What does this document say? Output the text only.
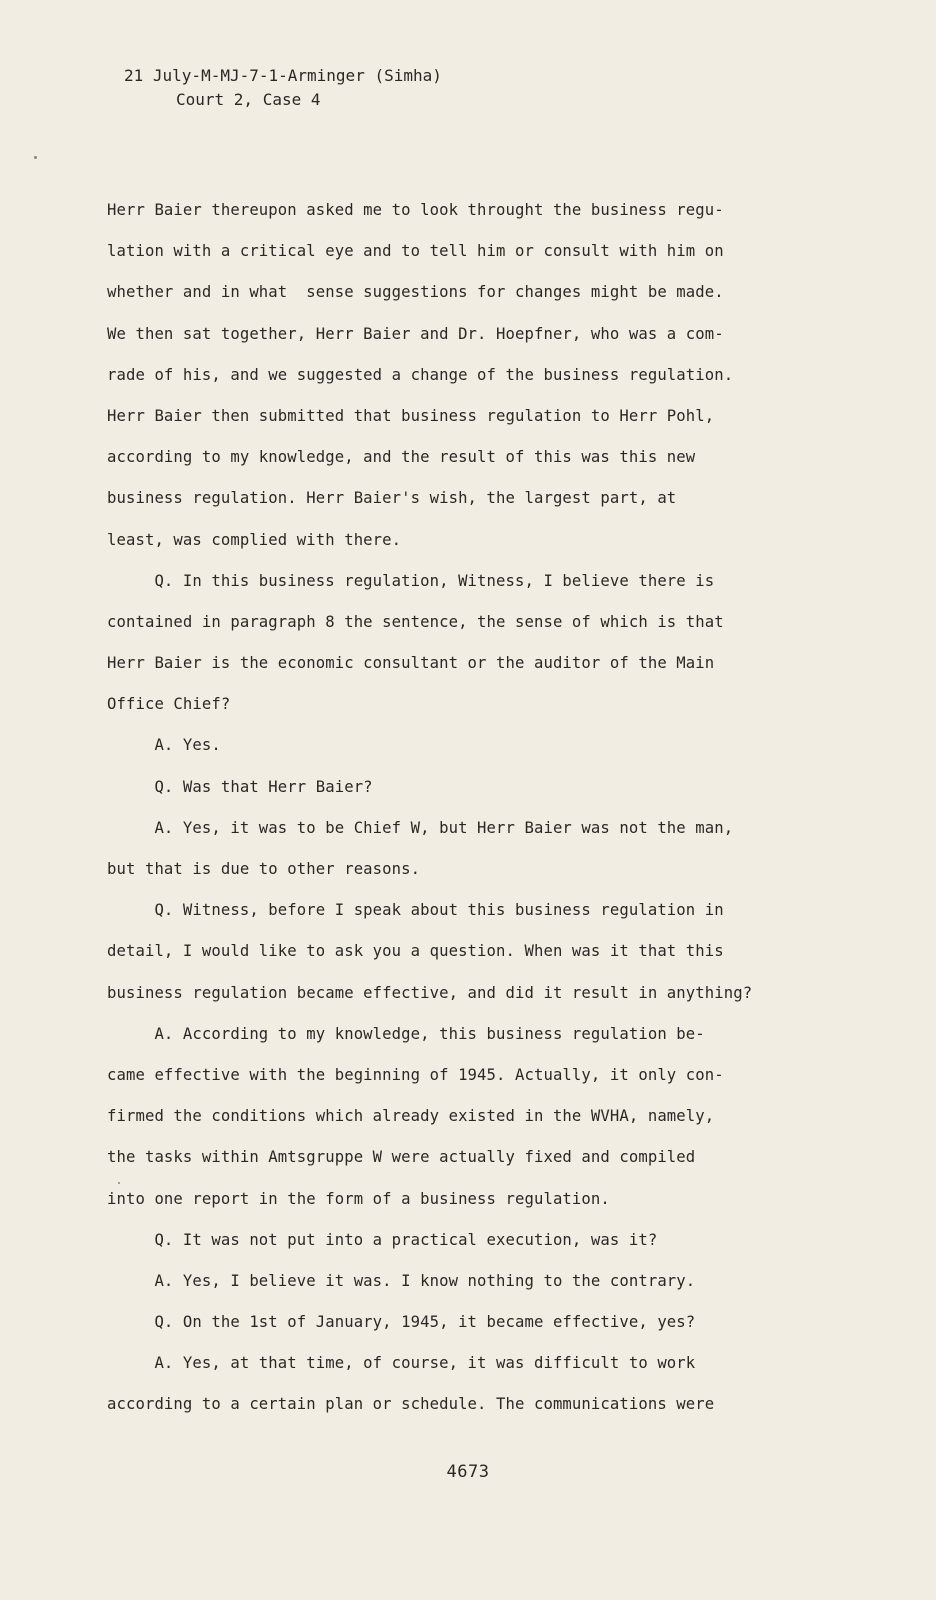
21 July-M-MJ-7-1-Arminger (Simha)
Court 2, Case 4
Herr Baier thereupon asked me to look throught the business regu-
lation with a critical eye and to tell him or consult with him on
whether and in what  sense suggestions for changes might be made.
We then sat together, Herr Baier and Dr. Hoepfner, who was a com-
rade of his, and we suggested a change of the business regulation.
Herr Baier then submitted that business regulation to Herr Pohl,
according to my knowledge, and the result of this was this new
business regulation. Herr Baier's wish, the largest part, at
least, was complied with there.
Q. In this business regulation, Witness, I believe there is
contained in paragraph 8 the sentence, the sense of which is that
Herr Baier is the economic consultant or the auditor of the Main
Office Chief?
A. Yes.
Q. Was that Herr Baier?
A. Yes, it was to be Chief W, but Herr Baier was not the man,
but that is due to other reasons.
Q. Witness, before I speak about this business regulation in
detail, I would like to ask you a question. When was it that this
business regulation became effective, and did it result in anything?
A. According to my knowledge, this business regulation be-
came effective with the beginning of 1945. Actually, it only con-
firmed the conditions which already existed in the WVHA, namely,
the tasks within Amtsgruppe W were actually fixed and compiled
into one report in the form of a business regulation.
Q. It was not put into a practical execution, was it?
A. Yes, I believe it was. I know nothing to the contrary.
Q. On the 1st of January, 1945, it became effective, yes?
A. Yes, at that time, of course, it was difficult to work
according to a certain plan or schedule. The communications were
4673
